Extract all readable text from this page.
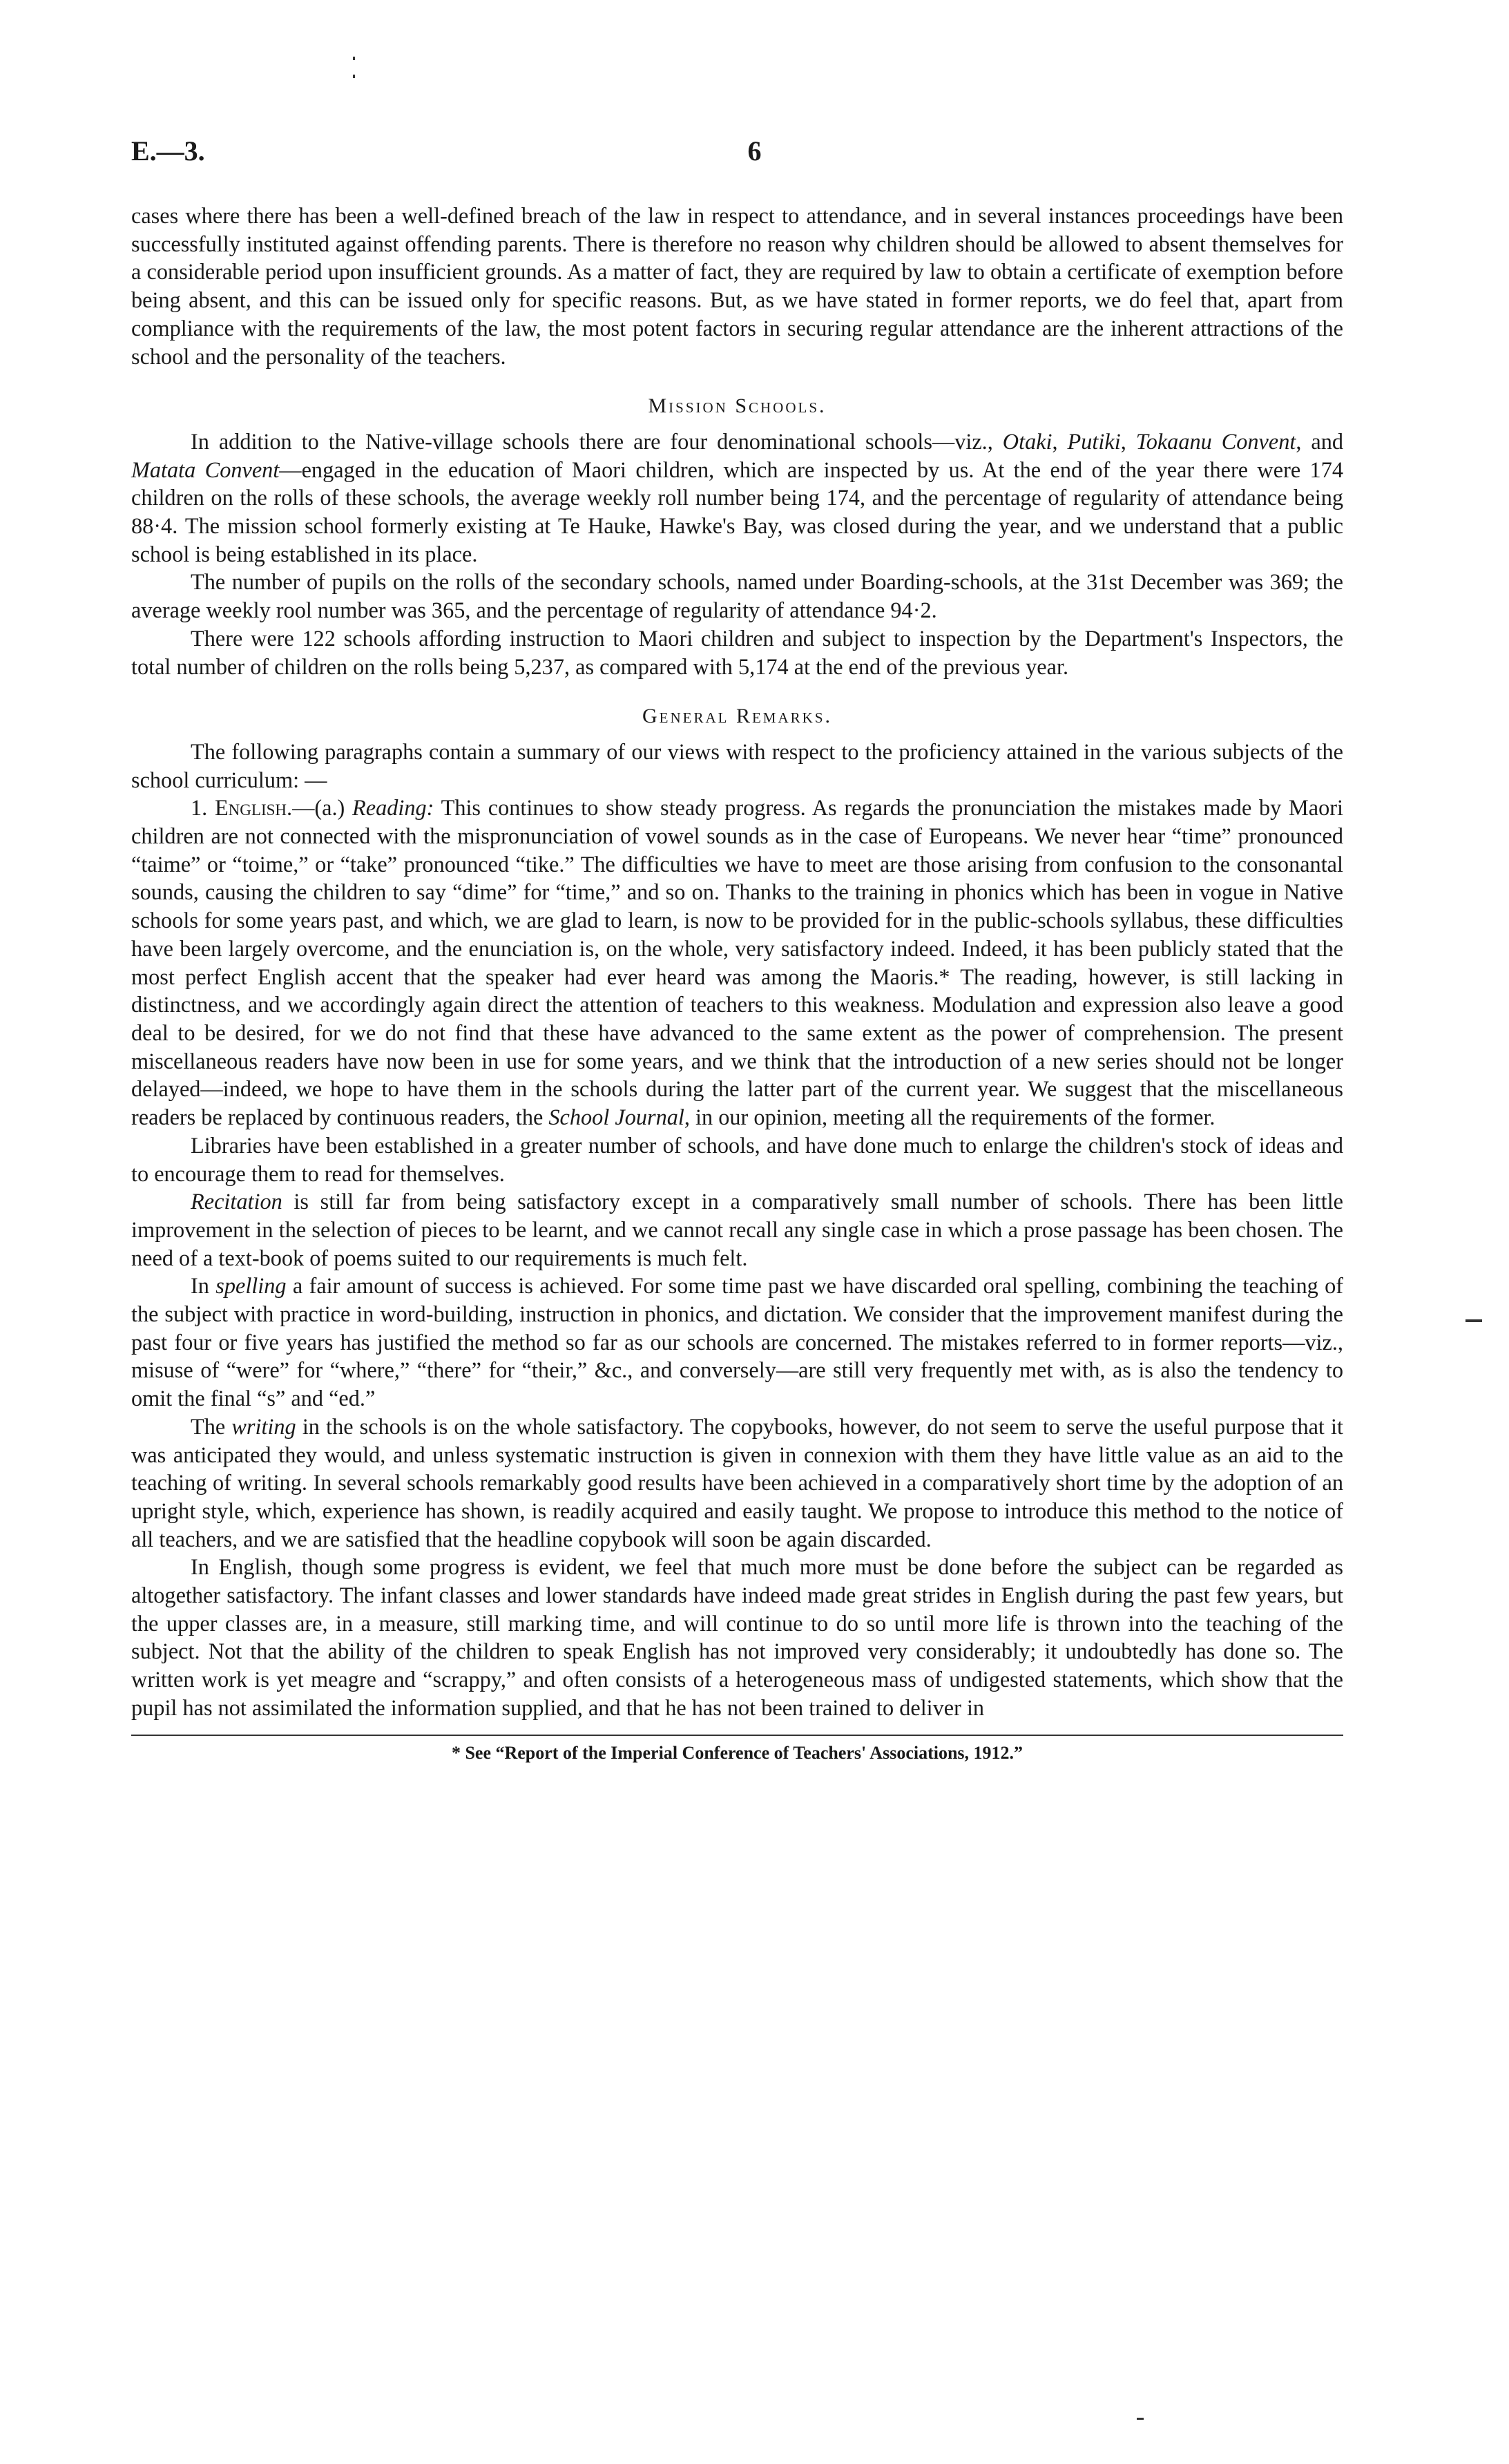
E.—3.	6

cases where there has been a well-defined breach of the law in respect to attendance, and in several instances proceedings have been successfully instituted against offending parents. There is therefore no reason why children should be allowed to absent themselves for a considerable period upon insufficient grounds. As a matter of fact, they are required by law to obtain a certificate of exemption before being absent, and this can be issued only for specific reasons. But, as we have stated in former reports, we do feel that, apart from compliance with the requirements of the law, the most potent factors in securing regular attendance are the inherent attractions of the school and the personality of the teachers.

Mission Schools.

In addition to the Native-village schools there are four denominational schools—viz., Otaki, Putiki, Tokaanu Convent, and Matata Convent—engaged in the education of Maori children, which are inspected by us. At the end of the year there were 174 children on the rolls of these schools, the average weekly roll number being 174, and the percentage of regularity of attendance being 88·4. The mission school formerly existing at Te Hauke, Hawke's Bay, was closed during the year, and we understand that a public school is being established in its place.

The number of pupils on the rolls of the secondary schools, named under Boarding-schools, at the 31st December was 369; the average weekly rool number was 365, and the percentage of regularity of attendance 94·2.

There were 122 schools affording instruction to Maori children and subject to inspection by the Department's Inspectors, the total number of children on the rolls being 5,237, as compared with 5,174 at the end of the previous year.

General Remarks.

The following paragraphs contain a summary of our views with respect to the proficiency attained in the various subjects of the school curriculum: —

1. English.—(a.) Reading: This continues to show steady progress. As regards the pronunciation the mistakes made by Maori children are not connected with the mispronunciation of vowel sounds as in the case of Europeans. We never hear “time” pronounced “taime” or “toime,” or “take” pronounced “tike.” The difficulties we have to meet are those arising from confusion to the consonantal sounds, causing the children to say “dime” for “time,” and so on. Thanks to the training in phonics which has been in vogue in Native schools for some years past, and which, we are glad to learn, is now to be provided for in the public-schools syllabus, these difficulties have been largely overcome, and the enunciation is, on the whole, very satisfactory indeed. Indeed, it has been publicly stated that the most perfect English accent that the speaker had ever heard was among the Maoris.* The reading, however, is still lacking in distinctness, and we accordingly again direct the attention of teachers to this weakness. Modulation and expression also leave a good deal to be desired, for we do not find that these have advanced to the same extent as the power of comprehension. The present miscellaneous readers have now been in use for some years, and we think that the introduction of a new series should not be longer delayed—indeed, we hope to have them in the schools during the latter part of the current year. We suggest that the miscellaneous readers be replaced by continuous readers, the School Journal, in our opinion, meeting all the requirements of the former.

Libraries have been established in a greater number of schools, and have done much to enlarge the children's stock of ideas and to encourage them to read for themselves.

Recitation is still far from being satisfactory except in a comparatively small number of schools. There has been little improvement in the selection of pieces to be learnt, and we cannot recall any single case in which a prose passage has been chosen. The need of a text-book of poems suited to our requirements is much felt.

In spelling a fair amount of success is achieved. For some time past we have discarded oral spelling, combining the teaching of the subject with practice in word-building, instruction in phonics, and dictation. We consider that the improvement manifest during the past four or five years has justified the method so far as our schools are concerned. The mistakes referred to in former reports—viz., misuse of “were” for “where,” “there” for “their,” &c., and conversely—are still very frequently met with, as is also the tendency to omit the final “s” and “ed.”

The writing in the schools is on the whole satisfactory. The copybooks, however, do not seem to serve the useful purpose that it was anticipated they would, and unless systematic instruction is given in connexion with them they have little value as an aid to the teaching of writing. In several schools remarkably good results have been achieved in a comparatively short time by the adoption of an upright style, which, experience has shown, is readily acquired and easily taught. We propose to introduce this method to the notice of all teachers, and we are satisfied that the headline copybook will soon be again discarded.

In English, though some progress is evident, we feel that much more must be done before the subject can be regarded as altogether satisfactory. The infant classes and lower standards have indeed made great strides in English during the past few years, but the upper classes are, in a measure, still marking time, and will continue to do so until more life is thrown into the teaching of the subject. Not that the ability of the children to speak English has not improved very considerably; it undoubtedly has done so. The written work is yet meagre and “scrappy,” and often consists of a heterogeneous mass of undigested statements, which show that the pupil has not assimilated the information supplied, and that he has not been trained to deliver in

* See “Report of the Imperial Conference of Teachers' Associations, 1912.”
